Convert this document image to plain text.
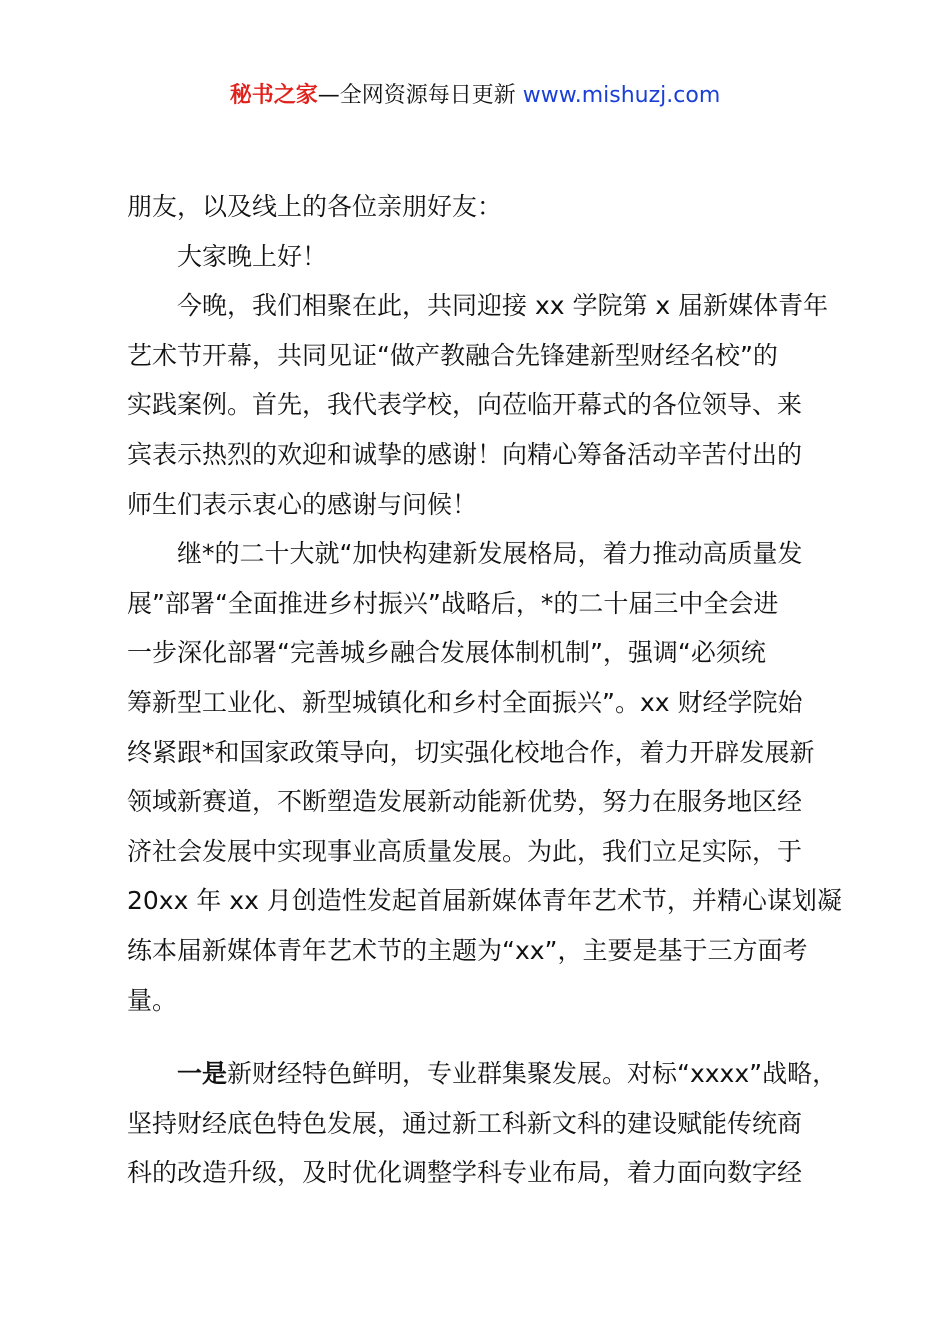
秘书之家—全网资源每日更新 www.mishuzj.com
朋友，以及线上的各位亲朋好友：
大家晚上好！
今晚，我们相聚在此，共同迎接 xx 学院第 x 届新媒体青年
艺术节开幕，共同见证“做产教融合先锋建新型财经名校”的
实践案例。首先，我代表学校，向莅临开幕式的各位领导、来
宾表示热烈的欢迎和诚挚的感谢！向精心筹备活动辛苦付出的
师生们表示衷心的感谢与问候！
继*的二十大就“加快构建新发展格局，着力推动高质量发
展”部署“全面推进乡村振兴”战略后，*的二十届三中全会进
一步深化部署“完善城乡融合发展体制机制”，强调“必须统
筹新型工业化、新型城镇化和乡村全面振兴”。xx 财经学院始
终紧跟*和国家政策导向，切实强化校地合作，着力开辟发展新
领域新赛道，不断塑造发展新动能新优势，努力在服务地区经
济社会发展中实现事业高质量发展。为此，我们立足实际，于
20xx 年 xx 月创造性发起首届新媒体青年艺术节，并精心谋划凝
练本届新媒体青年艺术节的主题为“xx”，主要是基于三方面考
量。
一是新财经特色鲜明，专业群集聚发展。对标“xxxx”战略，
坚持财经底色特色发展，通过新工科新文科的建设赋能传统商
科的改造升级，及时优化调整学科专业布局，着力面向数字经
